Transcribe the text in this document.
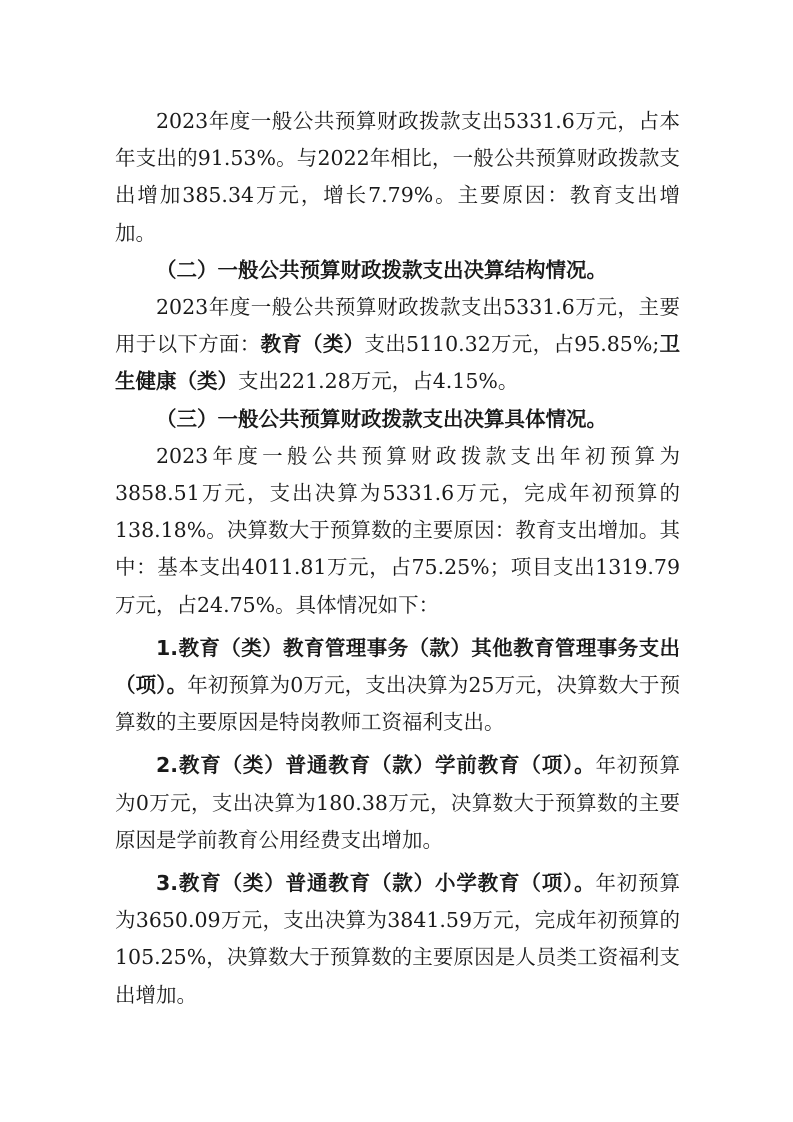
2023年度一般公共预算财政拨款支出5331.6万元，占本年支出的91.53%。与2022年相比，一般公共预算财政拨款支出增加385.34万元，增长7.79%。主要原因：教育支出增加。

（二）一般公共预算财政拨款支出决算结构情况。

2023年度一般公共预算财政拨款支出5331.6万元，主要用于以下方面：教育（类）支出5110.32万元，占95.85%;卫生健康（类）支出221.28万元，占4.15%。

（三）一般公共预算财政拨款支出决算具体情况。

2023年度一般公共预算财政拨款支出年初预算为3858.51万元，支出决算为5331.6万元，完成年初预算的138.18%。决算数大于预算数的主要原因：教育支出增加。其中：基本支出4011.81万元，占75.25%；项目支出1319.79万元，占24.75%。具体情况如下：

1.教育（类）教育管理事务（款）其他教育管理事务支出（项）。年初预算为0万元，支出决算为25万元，决算数大于预算数的主要原因是特岗教师工资福利支出。

2.教育（类）普通教育（款）学前教育（项）。年初预算为0万元，支出决算为180.38万元，决算数大于预算数的主要原因是学前教育公用经费支出增加。

3.教育（类）普通教育（款）小学教育（项）。年初预算为3650.09万元，支出决算为3841.59万元，完成年初预算的105.25%，决算数大于预算数的主要原因是人员类工资福利支出增加。
